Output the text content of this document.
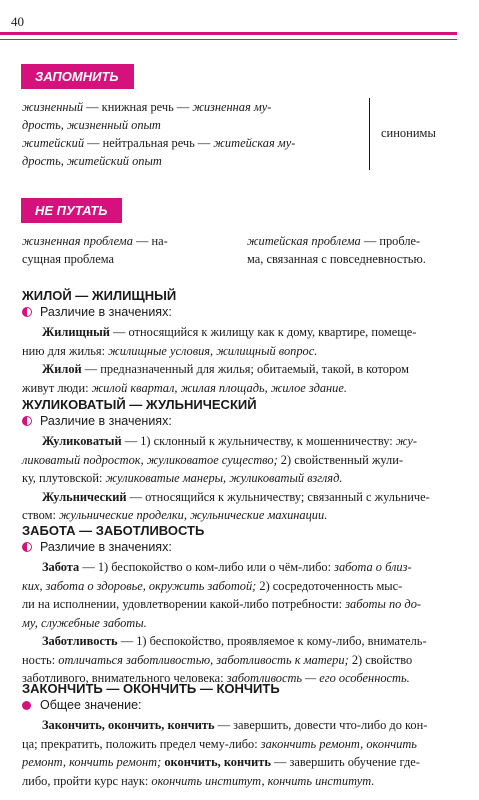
40
ЗАПОМНИТЬ

жизненный — книжная речь — жизненная му-

дрость, жизненный опыт

житейский — нейтральная речь — житейская му-

дрость, житейский опыт

синонимы
НЕ ПУТАТЬ

жизненная проблема — на-

сущная проблема

житейская проблема — пробле-

ма, связанная с повседневностью.

ЖИЛОЙ — ЖИЛИЩНЫЙ
Различие в значениях:
Жилищный — относящийся к жилищу как к дому, квартире, помеще-
нию для жилья: жилищные условия, жилищный вопрос.
Жилой — предназначенный для жилья; обитаемый, такой, в котором
живут люди: жилой квартал, жилая площадь, жилое здание.
ЖУЛИКОВАТЫЙ — ЖУЛЬНИЧЕСКИЙ
Различие в значениях:
Жуликоватый — 1) склонный к жульничеству, к мошенничеству: жу-
ликоватый подросток, жуликоватое существо; 2) свойственный жули-
ку, плутовской: жуликоватые манеры, жуликоватый взгляд.
Жульнический — относящийся к жульничеству; связанный с жульниче-
ством: жульнические проделки, жульнические махинации.
ЗАБОТА — ЗАБОТЛИВОСТЬ
Различие в значениях:
Забота — 1) беспокойство о ком-либо или о чём-либо: забота о близ-
ких, забота о здоровье, окружить заботой; 2) сосредоточенность мыс-
ли на исполнении, удовлетворении какой-либо потребности: заботы по до-
му, служебные заботы.
Заботливость — 1) беспокойство, проявляемое к кому-либо, вниматель-
ность: отличаться заботливостью, заботливость к матери; 2) свойство
заботливого, внимательного человека: заботливость — его особенность.
ЗАКОНЧИТЬ — ОКОНЧИТЬ — КОНЧИТЬ
Общее значение:
Закончить, окончить, кончить — завершить, довести что-либо до кон-
ца; прекратить, положить предел чему-либо: закончить ремонт, окончить
ремонт, кончить ремонт; окончить, кончить — завершить обучение где-
либо, пройти курс наук: окончить институт, кончить институт.
